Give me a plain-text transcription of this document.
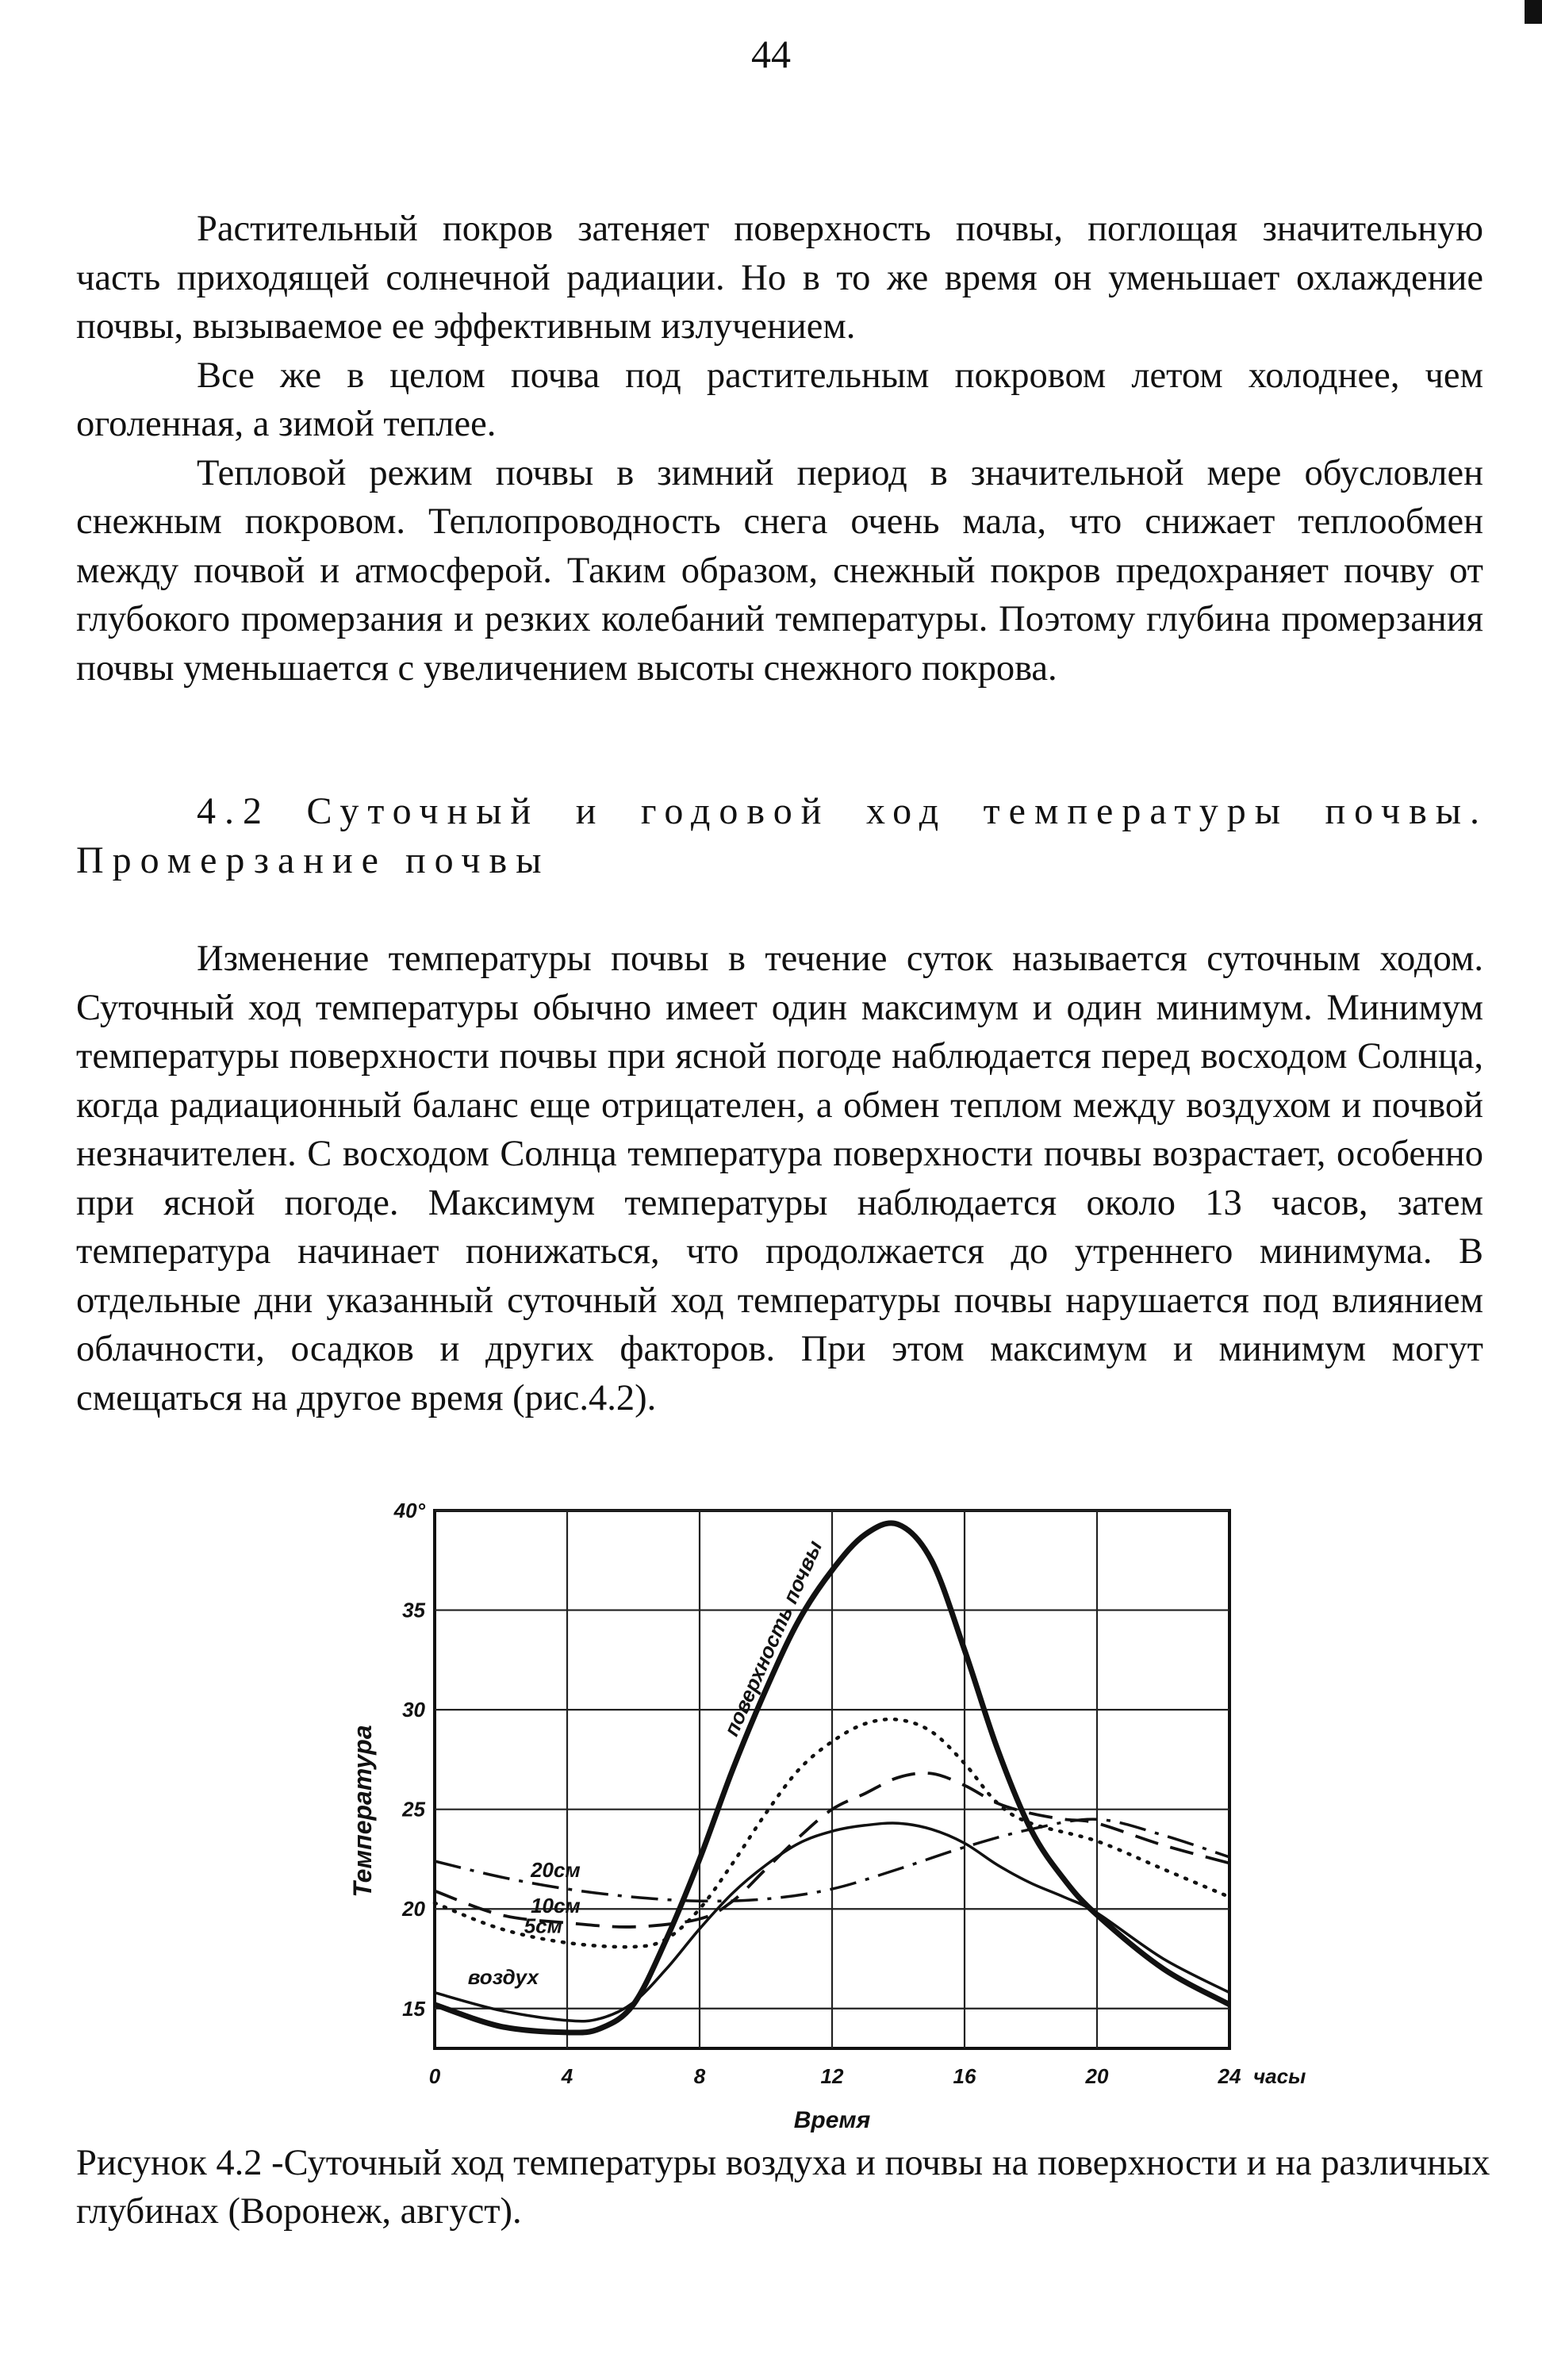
44

Растительный покров затеняет поверхность почвы, поглощая значительную часть приходящей солнечной радиации. Но в то же время он уменьшает охлаждение почвы, вызываемое ее эффективным излучением.

Все же в целом почва под растительным покровом летом холоднее, чем оголенная, а зимой теплее.

Тепловой режим почвы в зимний период в значительной мере обусловлен снежным покровом. Теплопроводность снега очень мала, что снижает теплообмен между почвой и атмосферой. Таким образом, снежный покров предохраняет почву от глубокого промерзания и резких колебаний температуры. Поэтому глубина промерзания почвы уменьшается с увеличением высоты снежного покрова.

4.2 Суточный и годовой ход температуры почвы. Промерзание почвы

Изменение температуры почвы в течение суток называется суточным ходом. Суточный ход температуры обычно имеет один максимум и один минимум. Минимум температуры поверхности почвы при ясной погоде наблюдается перед восходом Солнца, когда радиационный баланс еще отрицателен, а обмен теплом между воздухом и почвой незначителен. С восходом Солнца температура поверхности почвы возрастает, особенно при ясной погоде. Максимум температуры наблюдается около 13 часов, затем температура начинает понижаться, что продолжается до утреннего минимума. В отдельные дни указанный суточный ход температуры почвы нарушается под влиянием облачности, осадков и других факторов. При этом максимум и минимум могут смещаться на другое время (рис.4.2).

15
20
25
30
35
40°
0	4	8	12	16	20	24 часы
Время
Температура
поверхность почвы
воздух
5см
10см
20см
Рисунок 4.2 -Суточный ход температуры воздуха и почвы на поверхности и на различных глубинах (Воронеж, август).
